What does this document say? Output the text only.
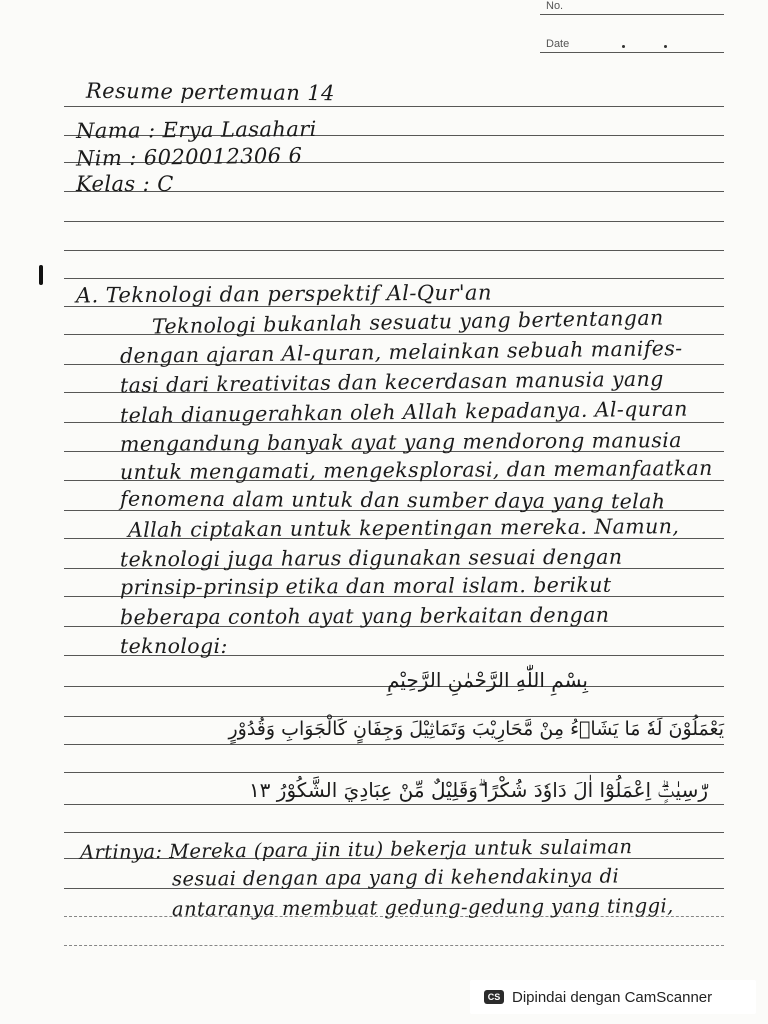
No.
Date
Resume pertemuan 14
Nama : Erya Lasahari
Nim : 6020012306 6
Kelas : C
A. Teknologi dan perspektif Al-Qur'an
Teknologi bukanlah sesuatu yang bertentangan
dengan ajaran Al-quran, melainkan sebuah manifes-
tasi dari kreativitas dan kecerdasan manusia yang
telah dianugerahkan oleh Allah kepadanya. Al-quran
mengandung banyak ayat yang mendorong manusia
untuk mengamati, mengeksplorasi, dan memanfaatkan
fenomena alam untuk dan sumber daya yang telah
Allah ciptakan untuk kepentingan mereka. Namun,
teknologi juga harus digunakan sesuai dengan
prinsip-prinsip etika dan moral islam. berikut
beberapa contoh ayat yang berkaitan dengan
teknologi:
بِسْمِ اللّٰهِ الرَّحْمٰنِ الرَّحِيْمِ
يَعْمَلُوْنَ لَهٗ مَا يَشَاۤءُ مِنْ مَّحَارِيْبَ وَتَمَاثِيْلَ وَجِفَانٍ كَالْجَوَابِ وَقُدُوْرٍ
رّٰسِيٰتٍۗ اِعْمَلُوْٓا اٰلَ دَاوٗدَ شُكْرًا ۗوَقَلِيْلٌ مِّنْ عِبَادِيَ الشَّكُوْرُ ١٣
Artinya: Mereka (para jin itu) bekerja untuk sulaiman
sesuai dengan apa yang di kehendakinya di
antaranya membuat gedung-gedung yang tinggi,
CS Dipindai dengan CamScanner
